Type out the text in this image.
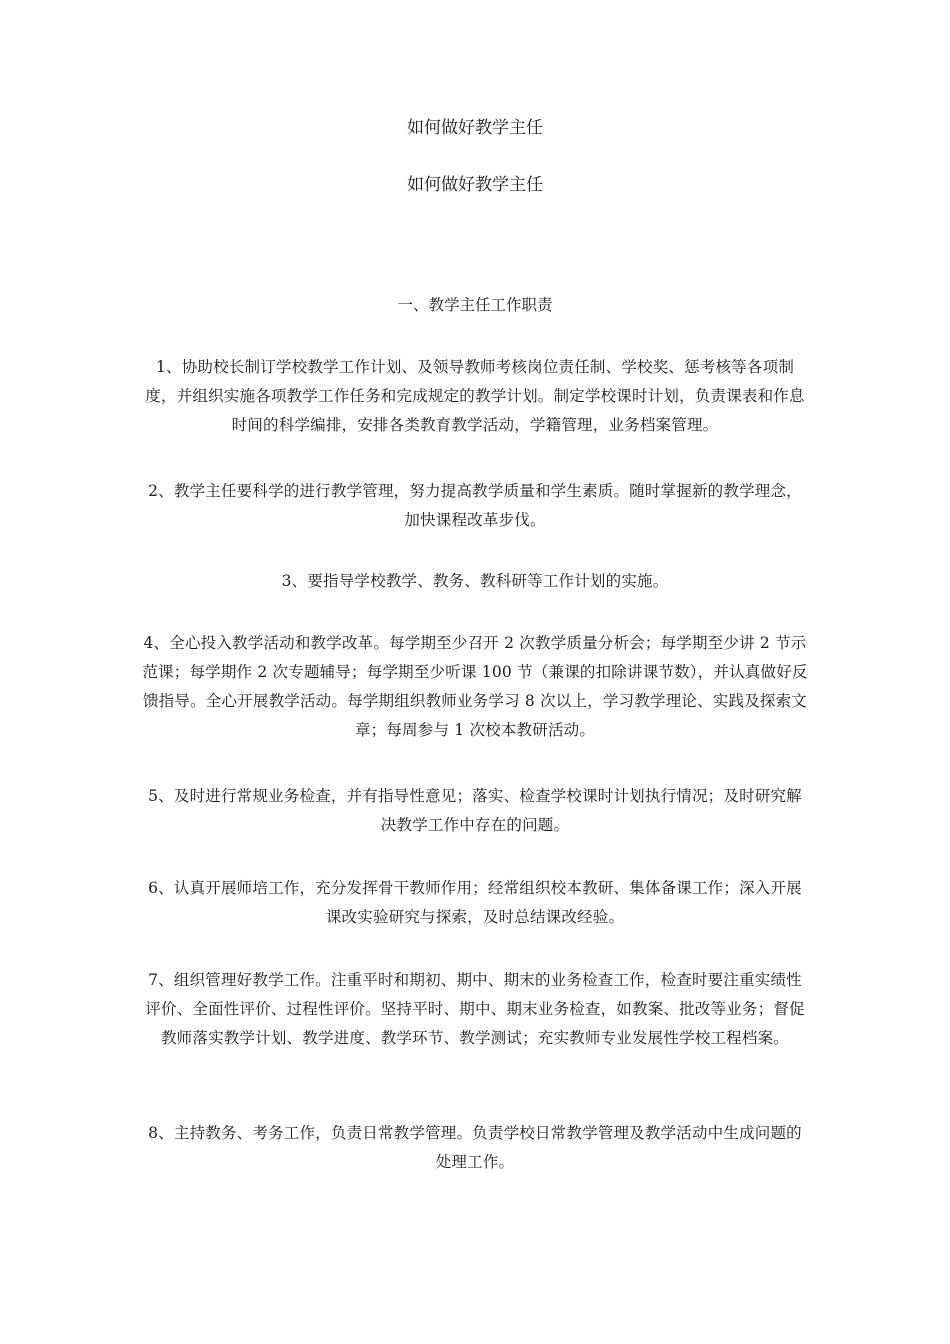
如何做好教学主任
如何做好教学主任
一、教学主任工作职责
1、协助校长制订学校教学工作计划、及领导教师考核岗位责任制、学校奖、惩考核等各项制度，并组织实施各项教学工作任务和完成规定的教学计划。制定学校课时计划，负责课表和作息时间的科学编排，安排各类教育教学活动，学籍管理，业务档案管理。
2、教学主任要科学的进行教学管理，努力提高教学质量和学生素质。随时掌握新的教学理念，加快课程改革步伐。
3、要指导学校教学、教务、教科研等工作计划的实施。
4、全心投入教学活动和教学改革。每学期至少召开 2 次教学质量分析会；每学期至少讲 2 节示范课；每学期作 2 次专题辅导；每学期至少听课 100 节（兼课的扣除讲课节数），并认真做好反馈指导。全心开展教学活动。每学期组织教师业务学习 8 次以上，学习教学理论、实践及探索文章；每周参与 1 次校本教研活动。
5、及时进行常规业务检查，并有指导性意见；落实、检查学校课时计划执行情况；及时研究解决教学工作中存在的问题。
6、认真开展师培工作，充分发挥骨干教师作用；经常组织校本教研、集体备课工作；深入开展课改实验研究与探索，及时总结课改经验。
7、组织管理好教学工作。注重平时和期初、期中、期末的业务检查工作，检查时要注重实绩性评价、全面性评价、过程性评价。坚持平时、期中、期末业务检查，如教案、批改等业务；督促教师落实教学计划、教学进度、教学环节、教学测试；充实教师专业发展性学校工程档案。
8、主持教务、考务工作，负责日常教学管理。负责学校日常教学管理及教学活动中生成问题的处理工作。
